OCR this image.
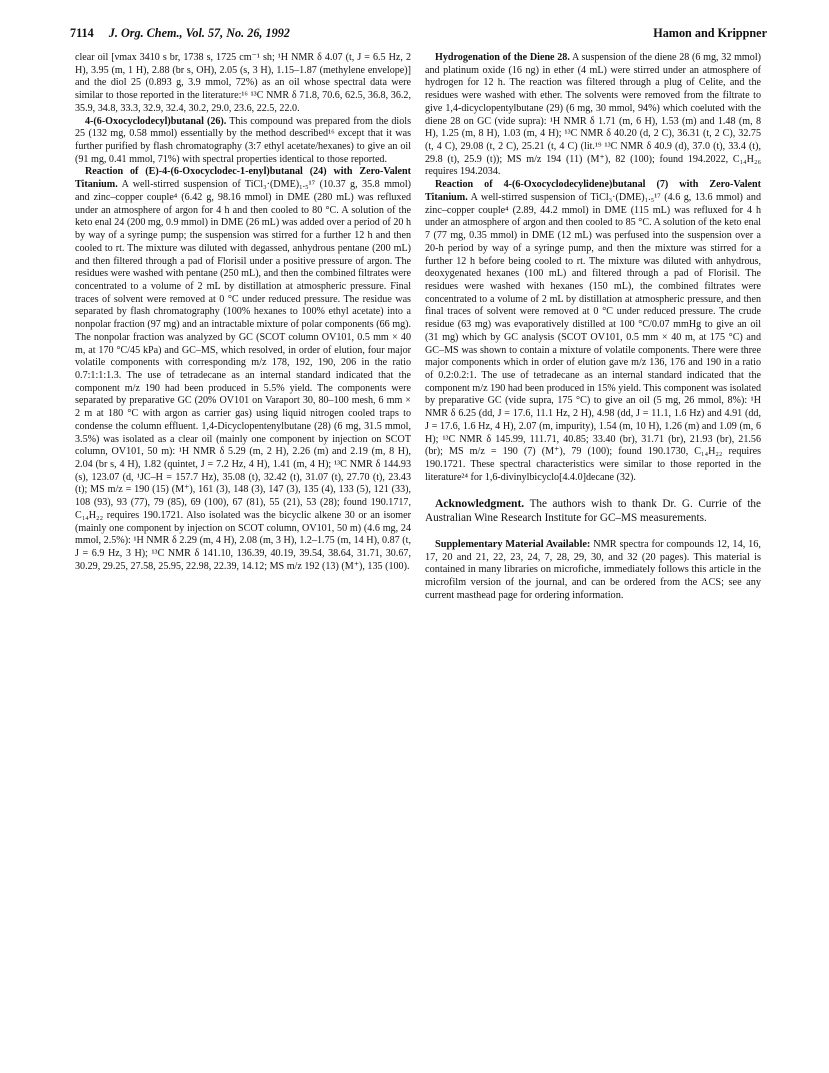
7114 J. Org. Chem., Vol. 57, No. 26, 1992	Hamon and Krippner

clear oil [νmax 3410 s br, 1738 s, 1725 cm⁻¹ sh; ¹H NMR δ 4.07 (t, J = 6.5 Hz, 2 H), 3.95 (m, 1 H), 2.88 (br s, OH), 2.05 (s, 3 H), 1.15–1.87 (methylene envelope)] and the diol 25 (0.893 g, 3.9 mmol, 72%) as an oil whose spectral data were similar to those reported in the literature:¹⁶ ¹³C NMR δ 71.8, 70.6, 62.5, 36.8, 36.2, 35.9, 34.8, 33.3, 32.9, 32.4, 30.2, 29.0, 23.6, 22.5, 22.0.

4-(6-Oxocyclodecyl)butanal (26). This compound was prepared from the diols 25 (132 mg, 0.58 mmol) essentially by the method described¹⁶ except that it was further purified by flash chromatography (3:7 ethyl acetate/hexanes) to give an oil (91 mg, 0.41 mmol, 71%) with spectral properties identical to those reported.

Reaction of (E)-4-(6-Oxocyclodec-1-enyl)butanal (24) with Zero-Valent Titanium. A well-stirred suspension of TiCl₃·(DME)₁.₅¹⁷ (10.37 g, 35.8 mmol) and zinc–copper couple⁴ (6.42 g, 98.16 mmol) in DME (280 mL) was refluxed under an atmosphere of argon for 4 h and then cooled to 80 °C. A solution of the keto enal 24 (200 mg, 0.9 mmol) in DME (26 mL) was added over a period of 20 h by way of a syringe pump; the suspension was stirred for a further 12 h and then cooled to rt. The mixture was diluted with degassed, anhydrous pentane (200 mL) and then filtered through a pad of Florisil under a positive pressure of argon. The residues were washed with pentane (250 mL), and then the combined filtrates were concentrated to a volume of 2 mL by distillation at atmospheric pressure. Final traces of solvent were removed at 0 °C under reduced pressure. The residue was separated by flash chromatography (100% hexanes to 100% ethyl acetate) into a nonpolar fraction (97 mg) and an intractable mixture of polar components (66 mg). The nonpolar fraction was analyzed by GC (SCOT column OV101, 0.5 mm × 40 m, at 170 °C/45 kPa) and GC–MS, which resolved, in order of elution, four major volatile components with corresponding m/z 178, 192, 190, 206 in the ratio 0.7:1:1:1.3. The use of tetradecane as an internal standard indicated that the component m/z 190 had been produced in 5.5% yield. The components were separated by preparative GC (20% OV101 on Varaport 30, 80–100 mesh, 6 mm × 2 m at 180 °C with argon as carrier gas) using liquid nitrogen cooled traps to condense the column effluent. 1,4-Dicyclopentenylbutane (28) (6 mg, 31.5 mmol, 3.5%) was isolated as a clear oil (mainly one component by injection on SCOT column, OV101, 50 m): ¹H NMR δ 5.29 (m, 2 H), 2.26 (m) and 2.19 (m, 8 H), 2.04 (br s, 4 H), 1.82 (quintet, J = 7.2 Hz, 4 H), 1.41 (m, 4 H); ¹³C NMR δ 144.93 (s), 123.07 (d, ¹JC–H = 157.7 Hz), 35.08 (t), 32.42 (t), 31.07 (t), 27.70 (t), 23.43 (t); MS m/z = 190 (15) (M⁺), 161 (3), 148 (3), 147 (3), 135 (4), 133 (5), 121 (33), 108 (93), 93 (77), 79 (85), 69 (100), 67 (81), 55 (21), 53 (28); found 190.1717, C₁₄H₂₂ requires 190.1721. Also isolated was the bicyclic alkene 30 or an isomer (mainly one component by injection on SCOT column, OV101, 50 m) (4.6 mg, 24 mmol, 2.5%): ¹H NMR δ 2.29 (m, 4 H), 2.08 (m, 3 H), 1.2–1.75 (m, 14 H), 0.87 (t, J = 6.9 Hz, 3 H); ¹³C NMR δ 141.10, 136.39, 40.19, 39.54, 38.64, 31.71, 30.67, 30.29, 29.25, 27.58, 25.95, 22.98, 22.39, 14.12; MS m/z 192 (13) (M⁺), 135 (100).

Hydrogenation of the Diene 28. A suspension of the diene 28 (6 mg, 32 mmol) and platinum oxide (16 ng) in ether (4 mL) were stirred under an atmosphere of hydrogen for 12 h. The reaction was filtered through a plug of Celite, and the residues were washed with ether. The solvents were removed from the filtrate to give 1,4-dicyclopentylbutane (29) (6 mg, 30 mmol, 94%) which coeluted with the diene 28 on GC (vide supra): ¹H NMR δ 1.71 (m, 6 H), 1.53 (m) and 1.48 (m, 8 H), 1.25 (m, 8 H), 1.03 (m, 4 H); ¹³C NMR δ 40.20 (d, 2 C), 36.31 (t, 2 C), 32.75 (t, 4 C), 29.08 (t, 2 C), 25.21 (t, 4 C) (lit.¹⁹ ¹³C NMR δ 40.9 (d), 37.0 (t), 33.4 (t), 29.8 (t), 25.9 (t)); MS m/z 194 (11) (M⁺), 82 (100); found 194.2022, C₁₄H₂₆ requires 194.2034.

Reaction of 4-(6-Oxocyclodecylidene)butanal (7) with Zero-Valent Titanium. A well-stirred suspension of TiCl₃·(DME)₁.₅¹⁷ (4.6 g, 13.6 mmol) and zinc–copper couple⁴ (2.89, 44.2 mmol) in DME (115 mL) was refluxed for 4 h under an atmosphere of argon and then cooled to 85 °C. A solution of the keto enal 7 (77 mg, 0.35 mmol) in DME (12 mL) was perfused into the suspension over a 20-h period by way of a syringe pump, and then the mixture was stirred for a further 12 h before being cooled to rt. The mixture was diluted with anhydrous, deoxygenated hexanes (100 mL) and filtered through a pad of Florisil. The residues were washed with hexanes (150 mL), the combined filtrates were concentrated to a volume of 2 mL by distillation at atmospheric pressure, and then final traces of solvent were removed at 0 °C under reduced pressure. The crude residue (63 mg) was evaporatively distilled at 100 °C/0.07 mmHg to give an oil (31 mg) which by GC analysis (SCOT OV101, 0.5 mm × 40 m, at 175 °C) and GC–MS was shown to contain a mixture of volatile components. There were three major components which in order of elution gave m/z 136, 176 and 190 in a ratio of 0.2:0.2:1. The use of tetradecane as an internal standard indicated that the component m/z 190 had been produced in 15% yield. This component was isolated by preparative GC (vide supra, 175 °C) to give an oil (5 mg, 26 mmol, 8%): ¹H NMR δ 6.25 (dd, J = 17.6, 11.1 Hz, 2 H), 4.98 (dd, J = 11.1, 1.6 Hz) and 4.91 (dd, J = 17.6, 1.6 Hz, 4 H), 2.07 (m, impurity), 1.54 (m, 10 H), 1.26 (m) and 1.09 (m, 6 H); ¹³C NMR δ 145.99, 111.71, 40.85; 33.40 (br), 31.71 (br), 21.93 (br), 21.56 (br); MS m/z = 190 (7) (M⁺), 79 (100); found 190.1730, C₁₄H₂₂ requires 190.1721. These spectral characteristics were similar to those reported in the literature²⁴ for 1,6-divinylbicyclo[4.4.0]decane (32).

Acknowledgment. The authors wish to thank Dr. G. Currie of the Australian Wine Research Institute for GC–MS measurements.

Supplementary Material Available: NMR spectra for compounds 12, 14, 16, 17, 20 and 21, 22, 23, 24, 7, 28, 29, 30, and 32 (20 pages). This material is contained in many libraries on microfiche, immediately follows this article in the microfilm version of the journal, and can be ordered from the ACS; see any current masthead page for ordering information.
